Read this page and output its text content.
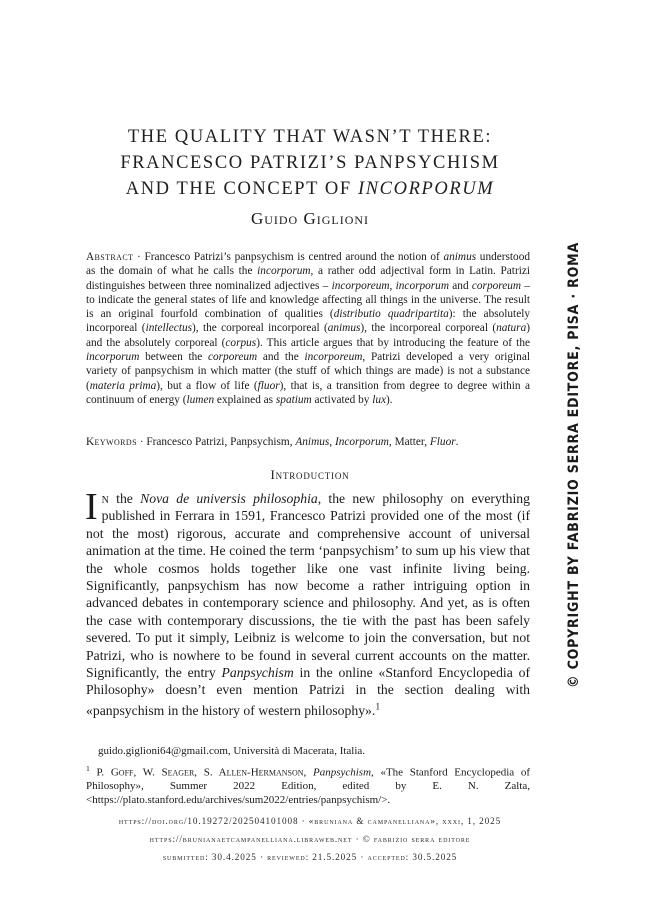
THE QUALITY THAT WASN’T THERE:
FRANCESCO PATRIZI’S PANPSYCHISM
AND THE CONCEPT OF INCORPORUM
Guido Giglioni
Abstract · Francesco Patrizi’s panpsychism is centred around the notion of animus understood as the domain of what he calls the incorporum, a rather odd adjectival form in Latin. Patrizi distinguishes between three nominalized adjectives – incorporeum, incorporum and corporeum – to indicate the general states of life and knowledge affecting all things in the universe. The result is an original fourfold combination of qualities (distributio quadripartita): the absolutely incorporeal (intellectus), the corporeal incorporeal (animus), the incorporeal corporeal (natura) and the absolutely corporeal (corpus). This article argues that by introducing the feature of the incorporum between the corporeum and the incorporeum, Patrizi developed a very original variety of panpsychism in which matter (the stuff of which things are made) is not a substance (materia prima), but a flow of life (fluor), that is, a transition from degree to degree within a continuum of energy (lumen explained as spatium activated by lux).
Keywords · Francesco Patrizi, Panpsychism, Animus, Incorporum, Matter, Fluor.
Introduction
In the Nova de universis philosophia, the new philosophy on everything published in Ferrara in 1591, Francesco Patrizi provided one of the most (if not the most) rigorous, accurate and comprehensive account of universal animation at the time. He coined the term ‘panpsychism’ to sum up his view that the whole cosmos holds together like one vast infinite living being. Significantly, panpsychism has now become a rather intriguing option in advanced debates in contemporary science and philosophy. And yet, as is often the case with contemporary discussions, the tie with the past has been safely severed. To put it simply, Leibniz is welcome to join the conversation, but not Patrizi, who is nowhere to be found in several current accounts on the matter. Significantly, the entry Panpsychism in the online «Stanford Encyclopedia of Philosophy» doesn’t even mention Patrizi in the section dealing with «panpsychism in the history of western philosophy».$^1$
guido.giglioni64@gmail.com, Università di Macerata, Italia.
$^1$ P. Goff, W. Seager, S. Allen-Hermanson, Panpsychism, «The Stanford Encyclopedia of Philosophy», Summer 2022 Edition, edited by E. N. Zalta, <https://plato.stanford.edu/archives/sum2022/entries/panpsychism/>.
https://doi.org/10.19272/202504101008 · «bruniana & campanelliana», xxxi, 1, 2025
https://brunianaetcampanelliana.libraweb.net · © fabrizio serra editore
submitted: 30.4.2025 · reviewed: 21.5.2025 · accepted: 30.5.2025
© COPYRIGHT BY FABRIZIO SERRA EDITORE, PISA · ROMA
